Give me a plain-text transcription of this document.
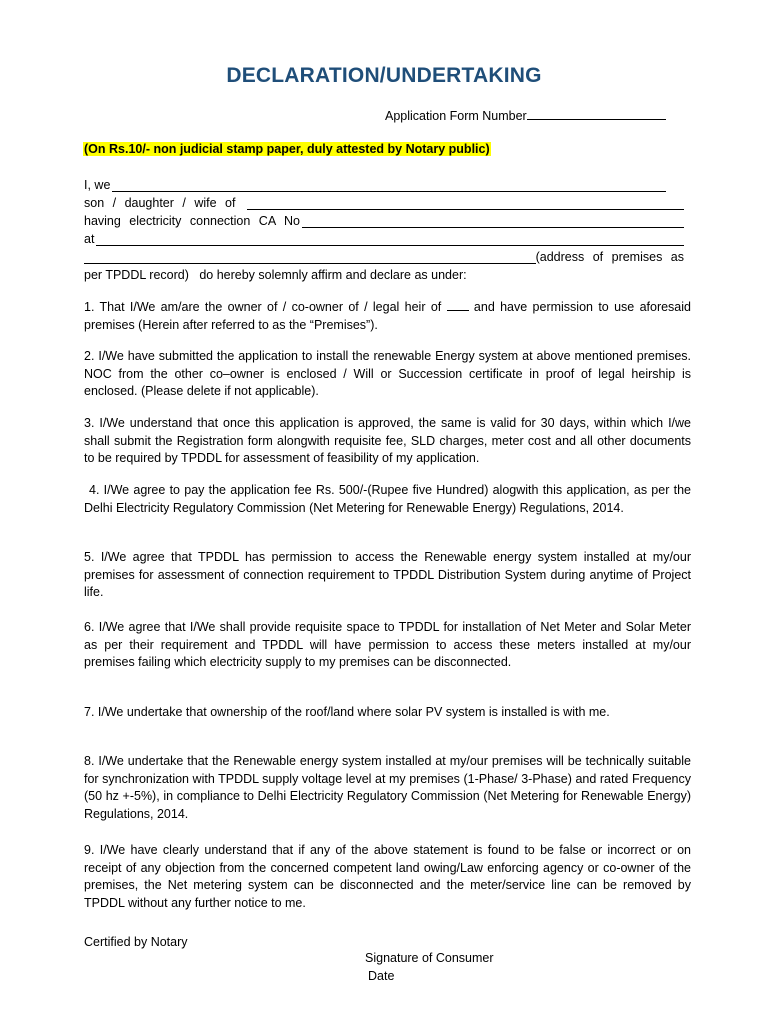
DECLARATION/UNDERTAKING
Application Form Number
(On Rs.10/- non judicial stamp paper, duly attested by Notary public)
I, we
son / daughter / wife of
having electricity connection CA No
at
(address of premises as
per TPDDL record)   do hereby solemnly affirm and declare as under:

1. That I/We am/are the owner of / co-owner of / legal heir of  and have permission to use aforesaid premises (Herein after referred to as the “Premises”).

2. I/We have submitted the application to install the renewable Energy system at above mentioned premises. NOC from the other co–owner is enclosed / Will or Succession certificate in proof of legal heirship is enclosed. (Please delete if not applicable).

3. I/We understand that once this application is approved, the same is valid for 30 days, within which I/we shall submit the Registration form alongwith requisite fee, SLD charges, meter cost and all other documents to be required by TPDDL for assessment of feasibility of my application.

4. I/We agree to pay the application fee Rs. 500/-(Rupee five Hundred) alogwith this application, as per the Delhi Electricity Regulatory Commission (Net Metering for Renewable Energy) Regulations, 2014.

5. I/We agree that TPDDL has permission to access the Renewable energy system installed at my/our premises for assessment of connection requirement to TPDDL Distribution System during anytime of Project life.

6. I/We agree that I/We shall provide requisite space to TPDDL for installation of Net Meter and Solar Meter as per their requirement and TPDDL will have permission to access these meters installed at my/our premises failing which electricity supply to my premises can be disconnected.

7. I/We undertake that ownership of the roof/land where solar PV system is installed is with me.

8. I/We undertake that the Renewable energy system installed at my/our premises will be technically suitable for synchronization with TPDDL supply voltage level at my premises (1-Phase/ 3-Phase) and rated Frequency (50 hz +-5%), in compliance to Delhi Electricity Regulatory Commission (Net Metering for Renewable Energy) Regulations, 2014.

9. I/We have clearly understand that if any of the above statement is found to be false or incorrect or on receipt of any objection from the concerned competent land owing/Law enforcing agency or co-owner of the premises, the Net metering system can be disconnected and the meter/service line can be removed by TPDDL without any further notice to me.

Certified by Notary
Signature of Consumer
Date
